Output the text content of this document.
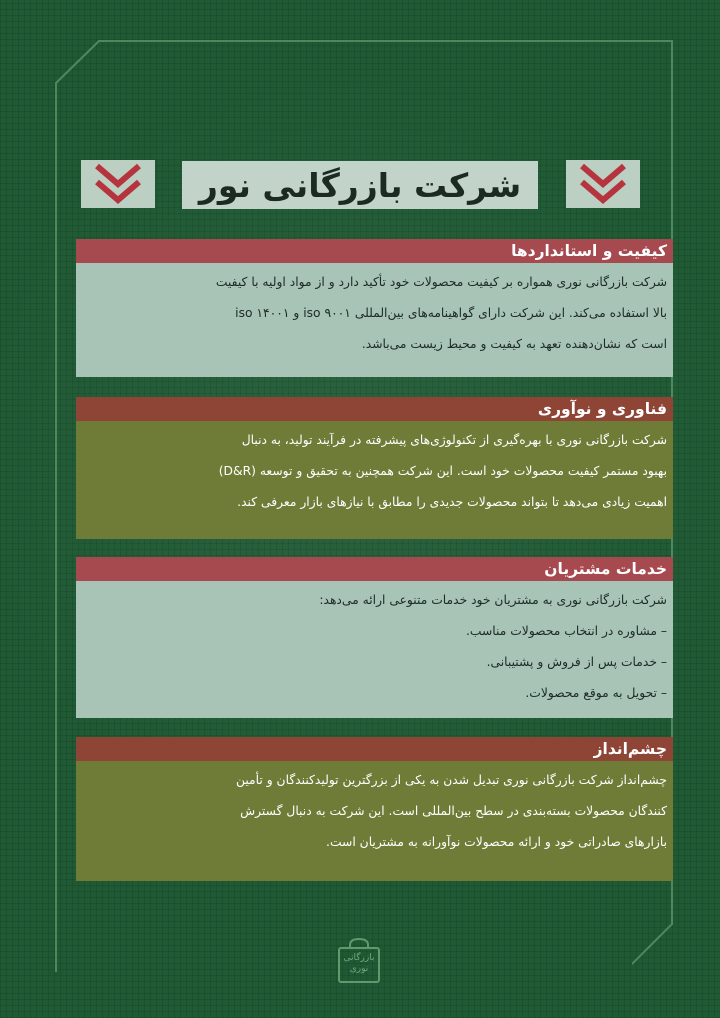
شرکت بازرگانی نور
کیفیت و استانداردها

شرکت بازرگانی نوری همواره بر کیفیت محصولات خود تأکید دارد و از مواد اولیه با کیفیت

بالا استفاده می‌کند. این شرکت دارای گواهینامه‌های بین‌المللی iso ۹۰۰۱ و iso ۱۴۰۰۱

است که نشان‌دهنده تعهد به کیفیت و محیط زیست می‌باشد.

فناوری و نوآوری

شرکت بازرگانی نوری با بهره‌گیری از تکنولوژی‌های پیشرفته در فرآیند تولید، به دنبال

بهبود مستمر کیفیت محصولات خود است. این شرکت همچنین به تحقیق و توسعه (D&R)

اهمیت زیادی می‌دهد تا بتواند محصولات جدیدی را مطابق با نیازهای بازار معرفی کند.

خدمات مشتریان

شرکت بازرگانی نوری به مشتریان خود خدمات متنوعی ارائه می‌دهد:

– مشاوره در انتخاب محصولات مناسب.

– خدمات پس از فروش و پشتیبانی.

– تحویل به موقع محصولات.

چشم‌انداز

چشم‌انداز شرکت بازرگانی نوری تبدیل شدن به یکی از بزرگترین تولیدکنندگان و تأمین

کنندگان محصولات بسته‌بندی در سطح بین‌المللی است. این شرکت به دنبال گسترش

بازارهای صادراتی خود و ارائه محصولات نوآورانه به مشتریان است.

بازرگانی
نوری
